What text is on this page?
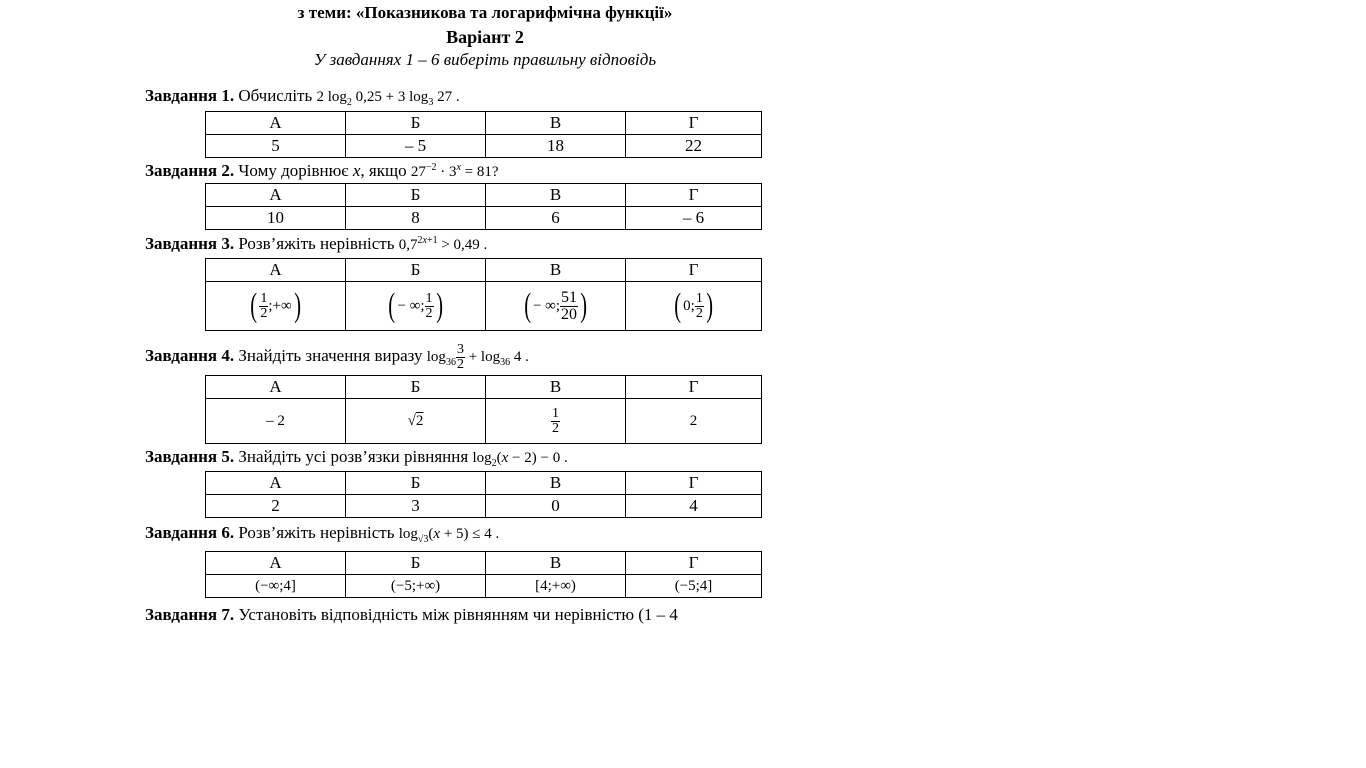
з теми: «Показникова та логарифмічна функції»
Варіант 2
У завданнях 1 – 6 виберіть правильну відповідь
Завдання 1. Обчисліть 2 $\log_2 0,25 + 3$ $\log_3 27$ .
А	Б	В	Г
5	– 5	18	22
Завдання 2. Чому дорівнює x, якщо $27^{-2} \cdot 3^x = 81$?
А	Б	В	Г
10	8	6	– 6
Завдання 3. Розв’яжіть нерівність $0,7^{2x+1} > 0,49$ .
А	Б	В	Г

( $\frac{1}{2}$ ;+∞ )	( − ∞; $\frac{1}{2}$ )	( − ∞; $\frac{51}{20}$ )	( 0; $\frac{1}{2}$ )
Завдання 4. Знайдіть значення виразу $\log_{36} \frac{3}{2} + \log_{36} 4$ .
А	Б	В	Г
– 2	√2	$\frac{1}{2}$	2
Завдання 5. Знайдіть усі розв’язки рівняння $\log_2(x - 2) - 0$ .
А	Б	В	Г
2	3	0	4
Завдання 6. Розв’яжіть нерівність $\log_{√3}(x + 5) \le 4$ .
А	Б	В	Г
(−∞;4]	(−5;+∞)	[4;+∞)	(−5;4]
Завдання 7. Установіть відповідність між рівнянням чи нерівністю (1 – 4
